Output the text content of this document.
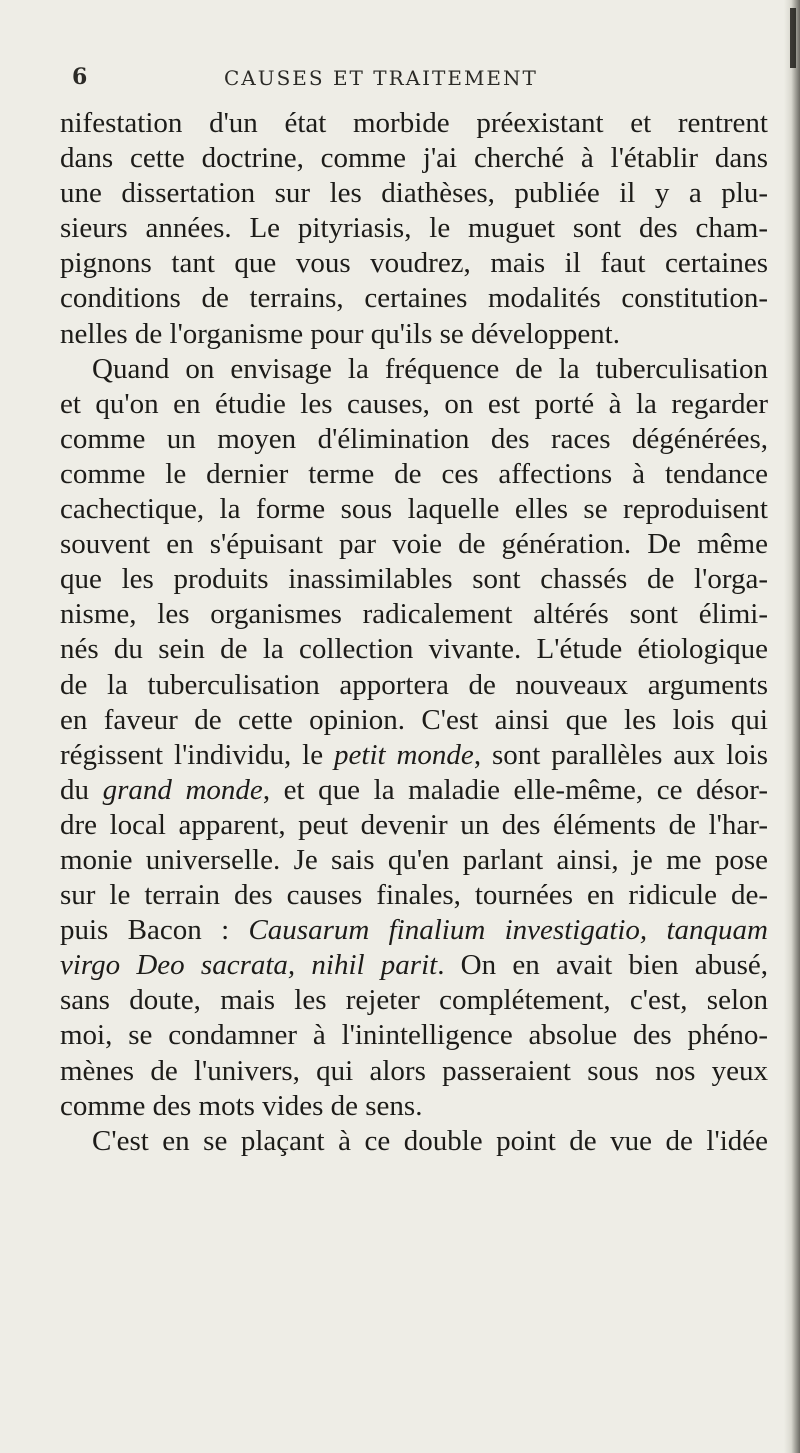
6	CAUSES ET TRAITEMENT
nifestation d'un état morbide préexistant et rentrent
dans cette doctrine, comme j'ai cherché à l'établir dans
une dissertation sur les diathèses, publiée il y a plu-
sieurs années. Le pityriasis, le muguet sont des cham-
pignons tant que vous voudrez, mais il faut certaines
conditions de terrains, certaines modalités constitution-
nelles de l'organisme pour qu'ils se développent.
Quand on envisage la fréquence de la tuberculisation
et qu'on en étudie les causes, on est porté à la regarder
comme un moyen d'élimination des races dégénérées,
comme le dernier terme de ces affections à tendance
cachectique, la forme sous laquelle elles se reproduisent
souvent en s'épuisant par voie de génération. De même
que les produits inassimilables sont chassés de l'orga-
nisme, les organismes radicalement altérés sont élimi-
nés du sein de la collection vivante. L'étude étiologique
de la tuberculisation apportera de nouveaux arguments
en faveur de cette opinion. C'est ainsi que les lois qui
régissent l'individu, le petit monde, sont parallèles aux lois
du grand monde, et que la maladie elle-même, ce désor-
dre local apparent, peut devenir un des éléments de l'har-
monie universelle. Je sais qu'en parlant ainsi, je me pose
sur le terrain des causes finales, tournées en ridicule de-
puis Bacon : Causarum finalium investigatio, tanquam
virgo Deo sacrata, nihil parit. On en avait bien abusé,
sans doute, mais les rejeter complétement, c'est, selon
moi, se condamner à l'inintelligence absolue des phéno-
mènes de l'univers, qui alors passeraient sous nos yeux
comme des mots vides de sens.
C'est en se plaçant à ce double point de vue de l'idée
